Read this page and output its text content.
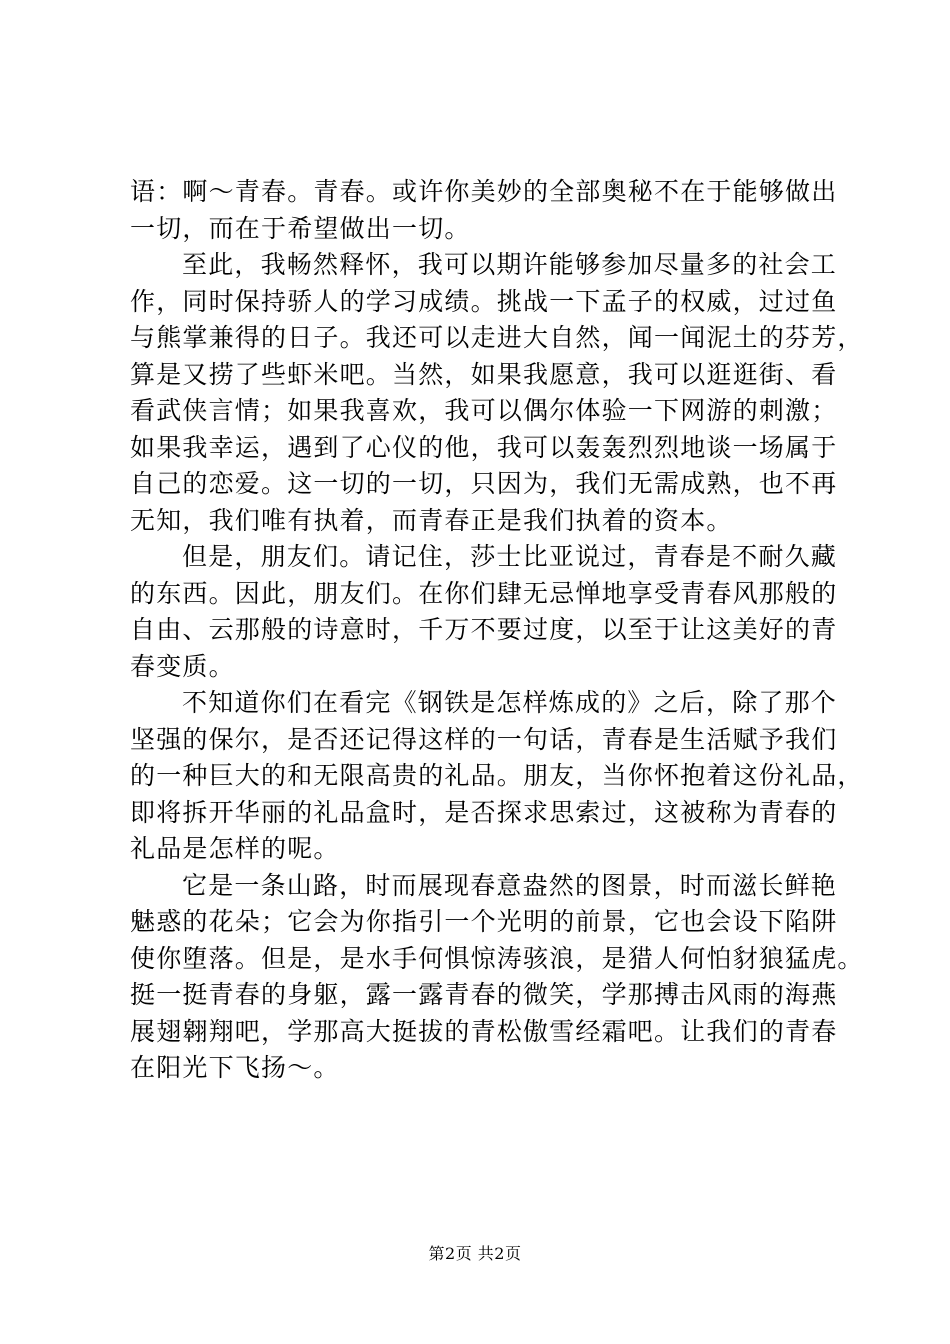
语：啊～青春。青春。或许你美妙的全部奥秘不在于能够做出
一切，而在于希望做出一切。
至此，我畅然释怀，我可以期许能够参加尽量多的社会工
作，同时保持骄人的学习成绩。挑战一下孟子的权威，过过鱼
与熊掌兼得的日子。我还可以走进大自然，闻一闻泥土的芬芳，
算是又捞了些虾米吧。当然，如果我愿意，我可以逛逛街、看
看武侠言情；如果我喜欢，我可以偶尔体验一下网游的刺激；
如果我幸运，遇到了心仪的他，我可以轰轰烈烈地谈一场属于
自己的恋爱。这一切的一切，只因为，我们无需成熟，也不再
无知，我们唯有执着，而青春正是我们执着的资本。
但是，朋友们。请记住，莎士比亚说过，青春是不耐久藏
的东西。因此，朋友们。在你们肆无忌惮地享受青春风那般的
自由、云那般的诗意时，千万不要过度，以至于让这美好的青
春变质。
不知道你们在看完《钢铁是怎样炼成的》之后，除了那个
坚强的保尔，是否还记得这样的一句话，青春是生活赋予我们
的一种巨大的和无限高贵的礼品。朋友，当你怀抱着这份礼品，
即将拆开华丽的礼品盒时，是否探求思索过，这被称为青春的
礼品是怎样的呢。
它是一条山路，时而展现春意盎然的图景，时而滋长鲜艳
魅惑的花朵；它会为你指引一个光明的前景，它也会设下陷阱
使你堕落。但是，是水手何惧惊涛骇浪，是猎人何怕豺狼猛虎。
挺一挺青春的身躯，露一露青春的微笑，学那搏击风雨的海燕
展翅翱翔吧，学那高大挺拔的青松傲雪经霜吧。让我们的青春
在阳光下飞扬～。
第2页 共2页
